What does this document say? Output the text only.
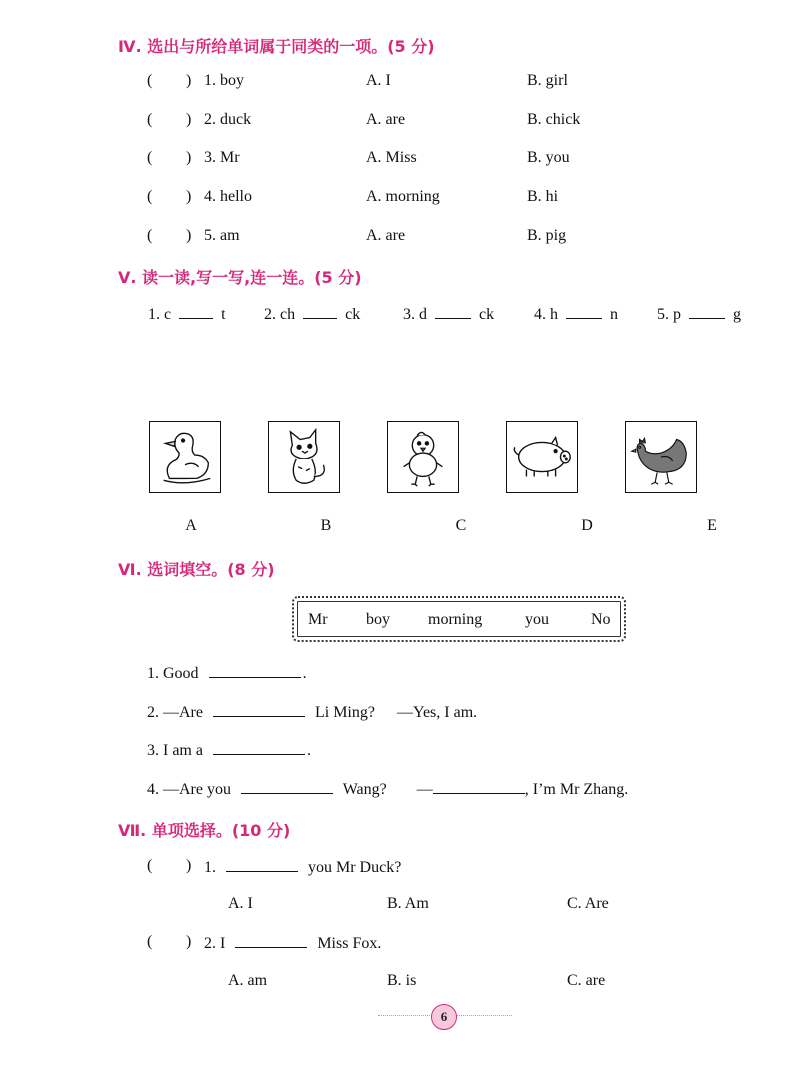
Ⅳ. 选出与所给单词属于同类的一项。(5 分)
( ) 1. boy	A. I	B. girl
( ) 2. duck	A. are	B. chick
( ) 3. Mr	A. Miss	B. you
( ) 4. hello	A. morning	B. hi
( ) 5. am	A. are	B. pig
Ⅴ. 读一读,写一写,连一连。(5 分)
1. c	t 2. ch	ck	3. d	ck 4. h	n 5. p	g
A	B	C	D	E
Ⅵ. 选词填空。(8 分)
Mr boy morning	you	No
1. Good	.
2. —Are	Li Ming? —Yes, I am.
3. I am a	.
4. —Are you	Wang? —	, I’m Mr Zhang.
Ⅶ. 单项选择。(10 分)
( ) 1.	you Mr Duck?
A. I	B. Am	C. Are
( ) 2. I	Miss Fox.
A. am	B. is	C. are
6
